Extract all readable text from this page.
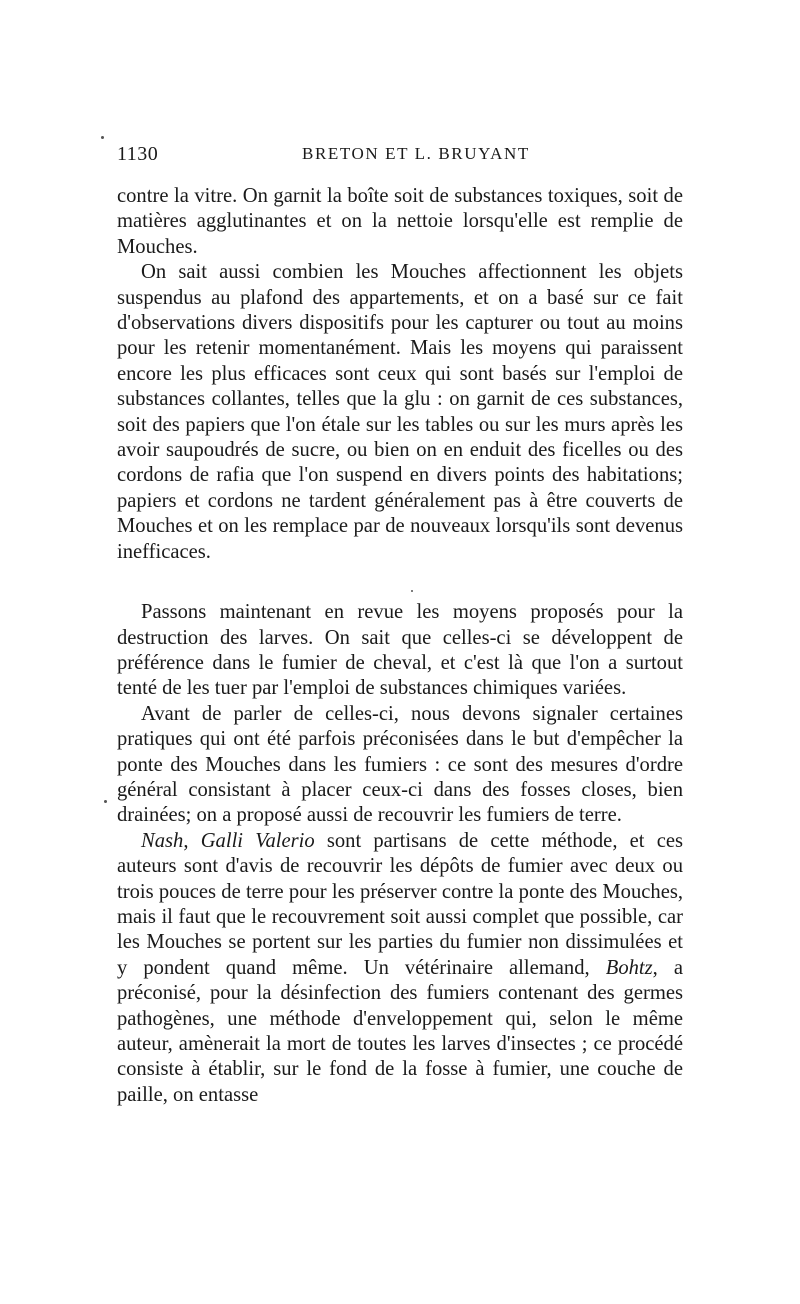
1130	BRETON ET L. BRUYANT

contre la vitre. On garnit la boîte soit de substances toxiques, soit de matières agglutinantes et on la nettoie lorsqu'elle est remplie de Mouches.

On sait aussi combien les Mouches affectionnent les objets suspendus au plafond des appartements, et on a basé sur ce fait d'observations divers dispositifs pour les capturer ou tout au moins pour les retenir momentanément. Mais les moyens qui paraissent encore les plus efficaces sont ceux qui sont basés sur l'emploi de substances collantes, telles que la glu : on garnit de ces substances, soit des papiers que l'on étale sur les tables ou sur les murs après les avoir saupoudrés de sucre, ou bien on en enduit des ficelles ou des cordons de rafia que l'on suspend en divers points des habitations; papiers et cordons ne tardent généralement pas à être couverts de Mouches et on les remplace par de nouveaux lorsqu'ils sont devenus inefficaces.

Passons maintenant en revue les moyens proposés pour la destruction des larves. On sait que celles-ci se développent de préférence dans le fumier de cheval, et c'est là que l'on a surtout tenté de les tuer par l'emploi de substances chimiques variées.

Avant de parler de celles-ci, nous devons signaler certaines pratiques qui ont été parfois préconisées dans le but d'empêcher la ponte des Mouches dans les fumiers : ce sont des mesures d'ordre général consistant à placer ceux-ci dans des fosses closes, bien drainées; on a proposé aussi de recouvrir les fumiers de terre.

Nash, Galli Valerio sont partisans de cette méthode, et ces auteurs sont d'avis de recouvrir les dépôts de fumier avec deux ou trois pouces de terre pour les préserver contre la ponte des Mouches, mais il faut que le recouvrement soit aussi complet que possible, car les Mouches se portent sur les parties du fumier non dissimulées et y pondent quand même. Un vétérinaire allemand, Bohtz, a préconisé, pour la désinfection des fumiers contenant des germes pathogènes, une méthode d'enveloppement qui, selon le même auteur, amènerait la mort de toutes les larves d'insectes ; ce procédé consiste à établir, sur le fond de la fosse à fumier, une couche de paille, on entasse
